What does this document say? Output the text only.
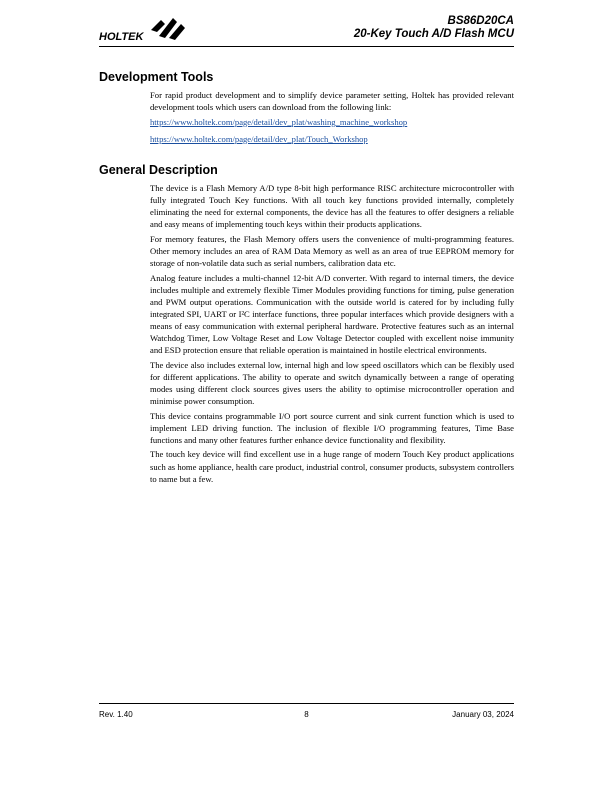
HOLTEK
BS86D20CA
20-Key Touch A/D Flash MCU
Development Tools

For rapid product development and to simplify device parameter setting, Holtek has provided relevant development tools which users can download from the following link:

https://www.holtek.com/page/detail/dev_plat/washing_machine_workshop
https://www.holtek.com/page/detail/dev_plat/Touch_Workshop
General Description

The device is a Flash Memory A/D type 8-bit high performance RISC architecture microcontroller with fully integrated Touch Key functions. With all touch key functions provided internally, completely eliminating the need for external components, the device has all the features to offer designers a reliable and easy means of implementing touch keys within their products applications.

For memory features, the Flash Memory offers users the convenience of multi-programming features. Other memory includes an area of RAM Data Memory as well as an area of true EEPROM memory for storage of non-volatile data such as serial numbers, calibration data etc.

Analog feature includes a multi-channel 12-bit A/D converter. With regard to internal timers, the device includes multiple and extremely flexible Timer Modules providing functions for timing, pulse generation and PWM output operations. Communication with the outside world is catered for by including fully integrated SPI, UART or I²C interface functions, three popular interfaces which provide designers with a means of easy communication with external peripheral hardware. Protective features such as an internal Watchdog Timer, Low Voltage Reset and Low Voltage Detector coupled with excellent noise immunity and ESD protection ensure that reliable operation is maintained in hostile electrical environments.

The device also includes external low, internal high and low speed oscillators which can be flexibly used for different applications. The ability to operate and switch dynamically between a range of operating modes using different clock sources gives users the ability to optimise microcontroller operation and minimise power consumption.

This device contains programmable I/O port source current and sink current function which is used to implement LED driving function. The inclusion of flexible I/O programming features, Time Base functions and many other features further enhance device functionality and flexibility.

The touch key device will find excellent use in a huge range of modern Touch Key product applications such as home appliance, health care product, industrial control, consumer products, subsystem controllers to name but a few.

Rev. 1.40	8	January 03, 2024
